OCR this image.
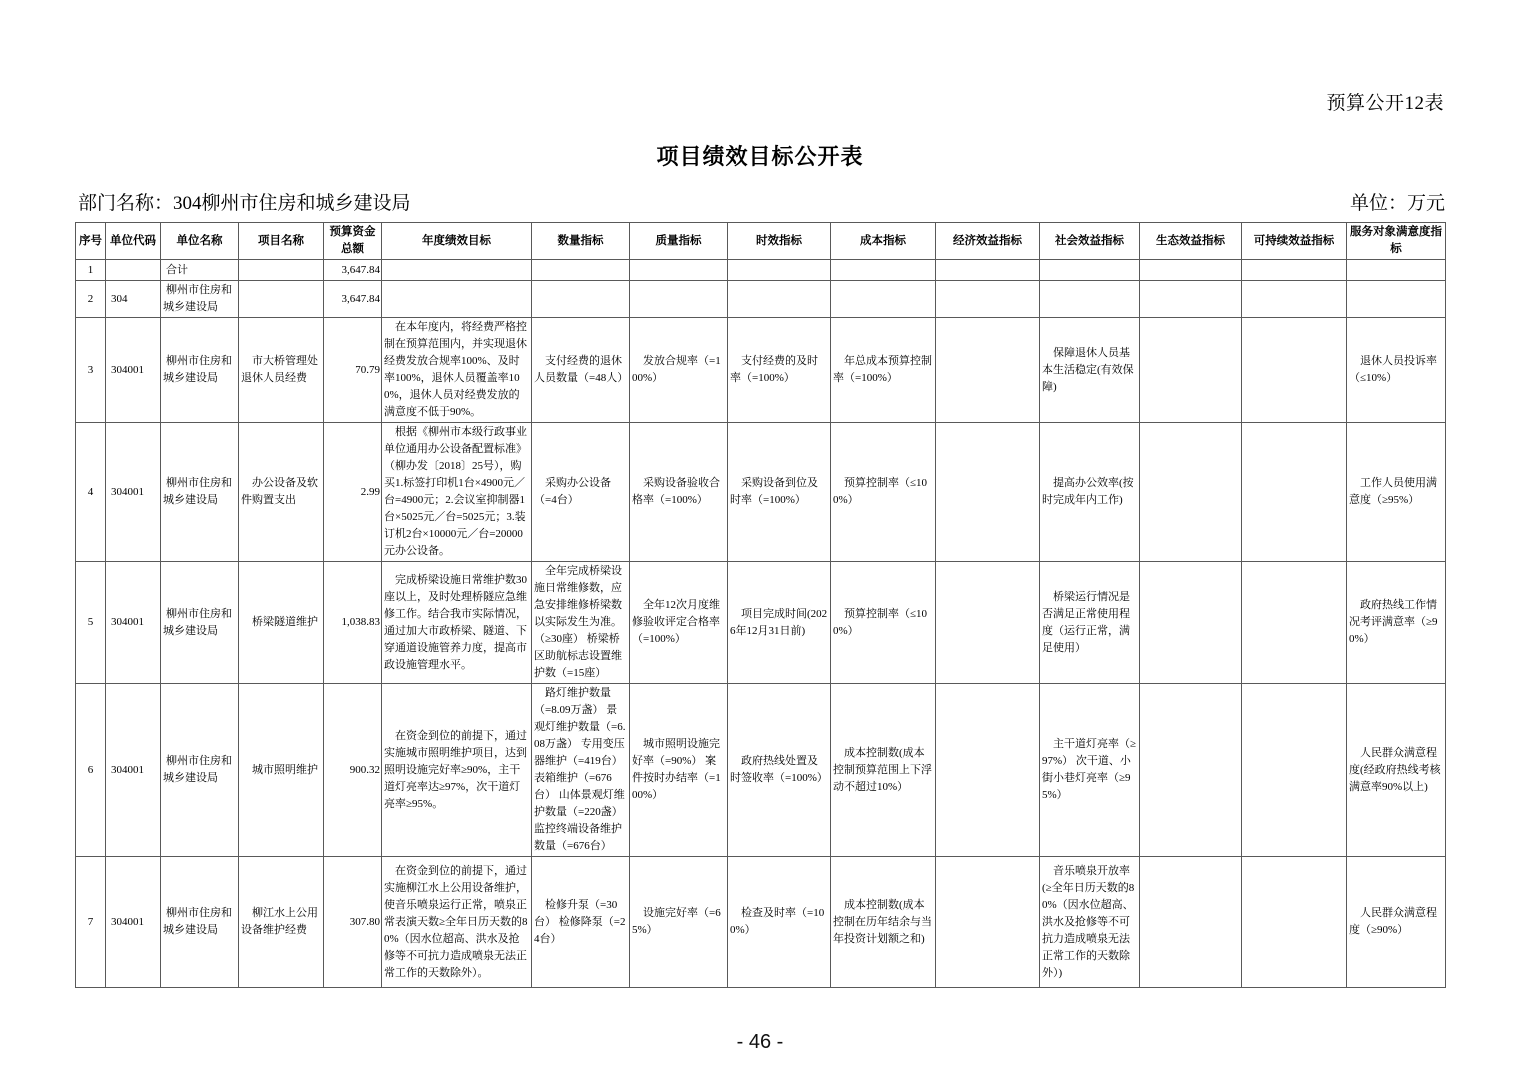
预算公开12表
项目绩效目标公开表
部门名称：304柳州市住房和城乡建设局	单位：万元
序号	单位代码	单位名称	项目名称	预算资金总额	年度绩效目标	数量指标	质量指标	时效指标	成本指标	经济效益指标	社会效益指标	生态效益指标	可持续效益指标	服务对象满意度指标
1		合计		3,647.84										
2	304	柳州市住房和城乡建设局		3,647.84										
3	304001	柳州市住房和城乡建设局	市大桥管理处退休人员经费	70.79	在本年度内，将经费严格控制在预算范围内，并实现退休经费发放合规率100%、及时率100%，退休人员覆盖率100%，退休人员对经费发放的满意度不低于90%。	支付经费的退休人员数量（=48人）	发放合规率（=100%）	支付经费的及时率（=100%）	年总成本预算控制率（=100%）		保障退休人员基本生活稳定(有效保障)			退休人员投诉率（≤10%）
4	304001	柳州市住房和城乡建设局	办公设备及软件购置支出	2.99	根据《柳州市本级行政事业单位通用办公设备配置标准》（柳办发〔2018〕25号），购买1.标签打印机1台×4900元／台=4900元；2.会议室抑制器1台×5025元／台=5025元；3.装订机2台×10000元／台=20000元办公设备。	采购办公设备（=4台）	采购设备验收合格率（=100%）	采购设备到位及时率（=100%）	预算控制率（≤100%）		提高办公效率(按时完成年内工作)			工作人员使用满意度（≥95%）
5	304001	柳州市住房和城乡建设局	桥梁隧道维护	1,038.83	完成桥梁设施日常维护数30座以上，及时处理桥隧应急维修工作。结合我市实际情况，通过加大市政桥梁、隧道、下穿通道设施管养力度，提高市政设施管理水平。	全年完成桥梁设施日常维修数，应急安排维修桥梁数以实际发生为准。（≥30座） 桥梁桥区助航标志设置维护数（=15座）	全年12次月度维修验收评定合格率（=100%）	项目完成时间(2026年12月31日前)	预算控制率（≤100%）		桥梁运行情况是否满足正常使用程度（运行正常，满足使用）			政府热线工作情况考评满意率（≥90%）
6	304001	柳州市住房和城乡建设局	城市照明维护	900.32	在资金到位的前提下，通过实施城市照明维护项目，达到照明设施完好率≥90%，主干道灯亮率达≥97%，次干道灯亮率≥95%。	路灯维护数量（=8.09万盏） 景观灯维护数量（=6.08万盏） 专用变压器维护（=419台） 表箱维护（=676台） 山体景观灯维护数量（=220盏） 监控终端设备维护数量（=676台）	城市照明设施完好率（=90%） 案件按时办结率（=100%）	政府热线处置及时签收率（=100%）	成本控制数(成本控制预算范围上下浮动不超过10%）		主干道灯亮率（≥97%） 次干道、小街小巷灯亮率（≥95%）			人民群众满意程度(经政府热线考核满意率90%以上)
7	304001	柳州市住房和城乡建设局	柳江水上公用设备维护经费	307.80	在资金到位的前提下，通过实施柳江水上公用设备维护，使音乐喷泉运行正常，喷泉正常表演天数≥全年日历天数的80%（因水位超高、洪水及抢修等不可抗力造成喷泉无法正常工作的天数除外）。	检修升泵（=30台） 检修降泵（=24台）	设施完好率（=65%）	检查及时率（=100%）	成本控制数(成本控制在历年结余与当年投资计划额之和)		音乐喷泉开放率(≥全年日历天数的80%（因水位超高、洪水及抢修等不可抗力造成喷泉无法正常工作的天数除外）)			人民群众满意程度（≥90%）
- 46 -
